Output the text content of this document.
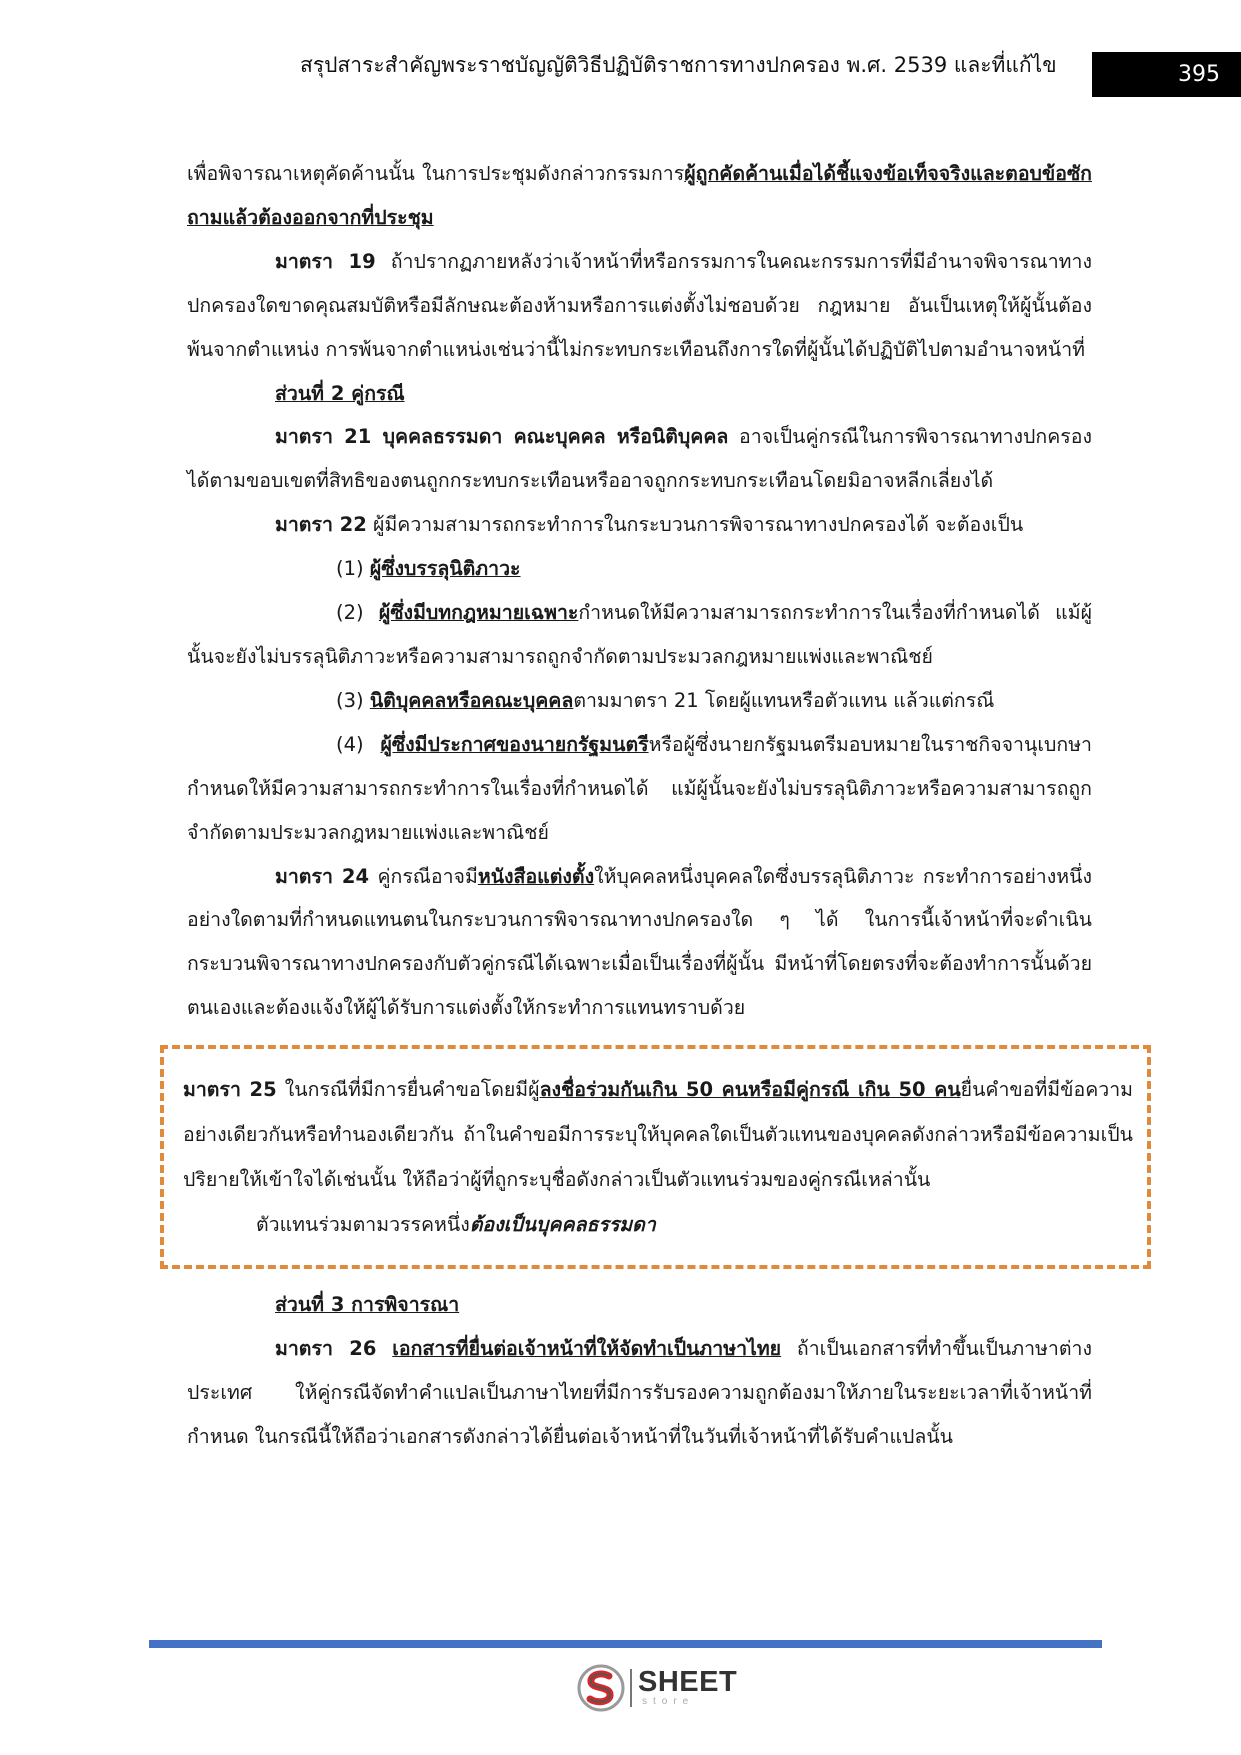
สรุปสาระสำคัญพระราชบัญญัติวิธีปฏิบัติราชการทางปกครอง พ.ศ. 2539 และที่แก้ไข	395

เพื่อพิจารณาเหตุคัดค้านนั้น ในการประชุมดังกล่าวกรรมการผู้ถูกคัดค้านเมื่อได้ชี้แจงข้อเท็จจริงและตอบข้อซักถามแล้วต้องออกจากที่ประชุม

มาตรา 19 ถ้าปรากฏภายหลังว่าเจ้าหน้าที่หรือกรรมการในคณะกรรมการที่มีอำนาจพิจารณาทางปกครองใดขาดคุณสมบัติหรือมีลักษณะต้องห้ามหรือการแต่งตั้งไม่ชอบด้วย กฎหมาย อันเป็นเหตุให้ผู้นั้นต้องพ้นจากตำแหน่ง การพ้นจากตำแหน่งเช่นว่านี้ไม่กระทบกระเทือนถึงการใดที่ผู้นั้นได้ปฏิบัติไปตามอำนาจหน้าที่

ส่วนที่ 2 คู่กรณี

มาตรา 21 บุคคลธรรมดา คณะบุคคล หรือนิติบุคคล อาจเป็นคู่กรณีในการพิจารณาทางปกครองได้ตามขอบเขตที่สิทธิของตนถูกกระทบกระเทือนหรืออาจถูกกระทบกระเทือนโดยมิอาจหลีกเลี่ยงได้

มาตรา 22 ผู้มีความสามารถกระทำการในกระบวนการพิจารณาทางปกครองได้ จะต้องเป็น

(1) ผู้ซึ่งบรรลุนิติภาวะ

(2) ผู้ซึ่งมีบทกฎหมายเฉพาะกำหนดให้มีความสามารถกระทำการในเรื่องที่กำหนดได้ แม้ผู้นั้นจะยังไม่บรรลุนิติภาวะหรือความสามารถถูกจำกัดตามประมวลกฎหมายแพ่งและพาณิชย์

(3) นิติบุคคลหรือคณะบุคคลตามมาตรา 21 โดยผู้แทนหรือตัวแทน แล้วแต่กรณี

(4) ผู้ซึ่งมีประกาศของนายกรัฐมนตรีหรือผู้ซึ่งนายกรัฐมนตรีมอบหมายในราชกิจจานุเบกษากำหนดให้มีความสามารถกระทำการในเรื่องที่กำหนดได้ แม้ผู้นั้นจะยังไม่บรรลุนิติภาวะหรือความสามารถถูกจำกัดตามประมวลกฎหมายแพ่งและพาณิชย์

มาตรา 24 คู่กรณีอาจมีหนังสือแต่งตั้งให้บุคคลหนึ่งบุคคลใดซึ่งบรรลุนิติภาวะ กระทำการอย่างหนึ่งอย่างใดตามที่กำหนดแทนตนในกระบวนการพิจารณาทางปกครองใด ๆ ได้ ในการนี้เจ้าหน้าที่จะดำเนินกระบวนพิจารณาทางปกครองกับตัวคู่กรณีได้เฉพาะเมื่อเป็นเรื่องที่ผู้นั้น มีหน้าที่โดยตรงที่จะต้องทำการนั้นด้วยตนเองและต้องแจ้งให้ผู้ได้รับการแต่งตั้งให้กระทำการแทนทราบด้วย

มาตรา 25 ในกรณีที่มีการยื่นคำขอโดยมีผู้ลงชื่อร่วมกันเกิน 50 คนหรือมีคู่กรณี เกิน 50 คนยื่นคำขอที่มีข้อความอย่างเดียวกันหรือทำนองเดียวกัน ถ้าในคำขอมีการระบุให้บุคคลใดเป็นตัวแทนของบุคคลดังกล่าวหรือมีข้อความเป็นปริยายให้เข้าใจได้เช่นนั้น ให้ถือว่าผู้ที่ถูกระบุชื่อดังกล่าวเป็นตัวแทนร่วมของคู่กรณีเหล่านั้น
ตัวแทนร่วมตามวรรคหนึ่งต้องเป็นบุคคลธรรมดา

ส่วนที่ 3 การพิจารณา

มาตรา 26 เอกสารที่ยื่นต่อเจ้าหน้าที่ให้จัดทำเป็นภาษาไทย ถ้าเป็นเอกสารที่ทำขึ้นเป็นภาษาต่างประเทศ ให้คู่กรณีจัดทำคำแปลเป็นภาษาไทยที่มีการรับรองความถูกต้องมาให้ภายในระยะเวลาที่เจ้าหน้าที่กำหนด ในกรณีนี้ให้ถือว่าเอกสารดังกล่าวได้ยื่นต่อเจ้าหน้าที่ในวันที่เจ้าหน้าที่ได้รับคำแปลนั้น

SHEET
store
